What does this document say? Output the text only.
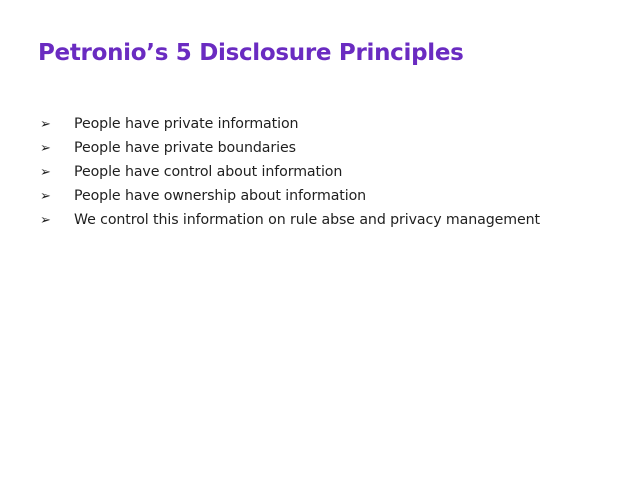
Petronio’s 5 Disclosure Principles
➢	People have private information
➢	People have private boundaries
➢	People have control about information
➢	People have ownership about information
➢	We control this information on rule abse and privacy management
